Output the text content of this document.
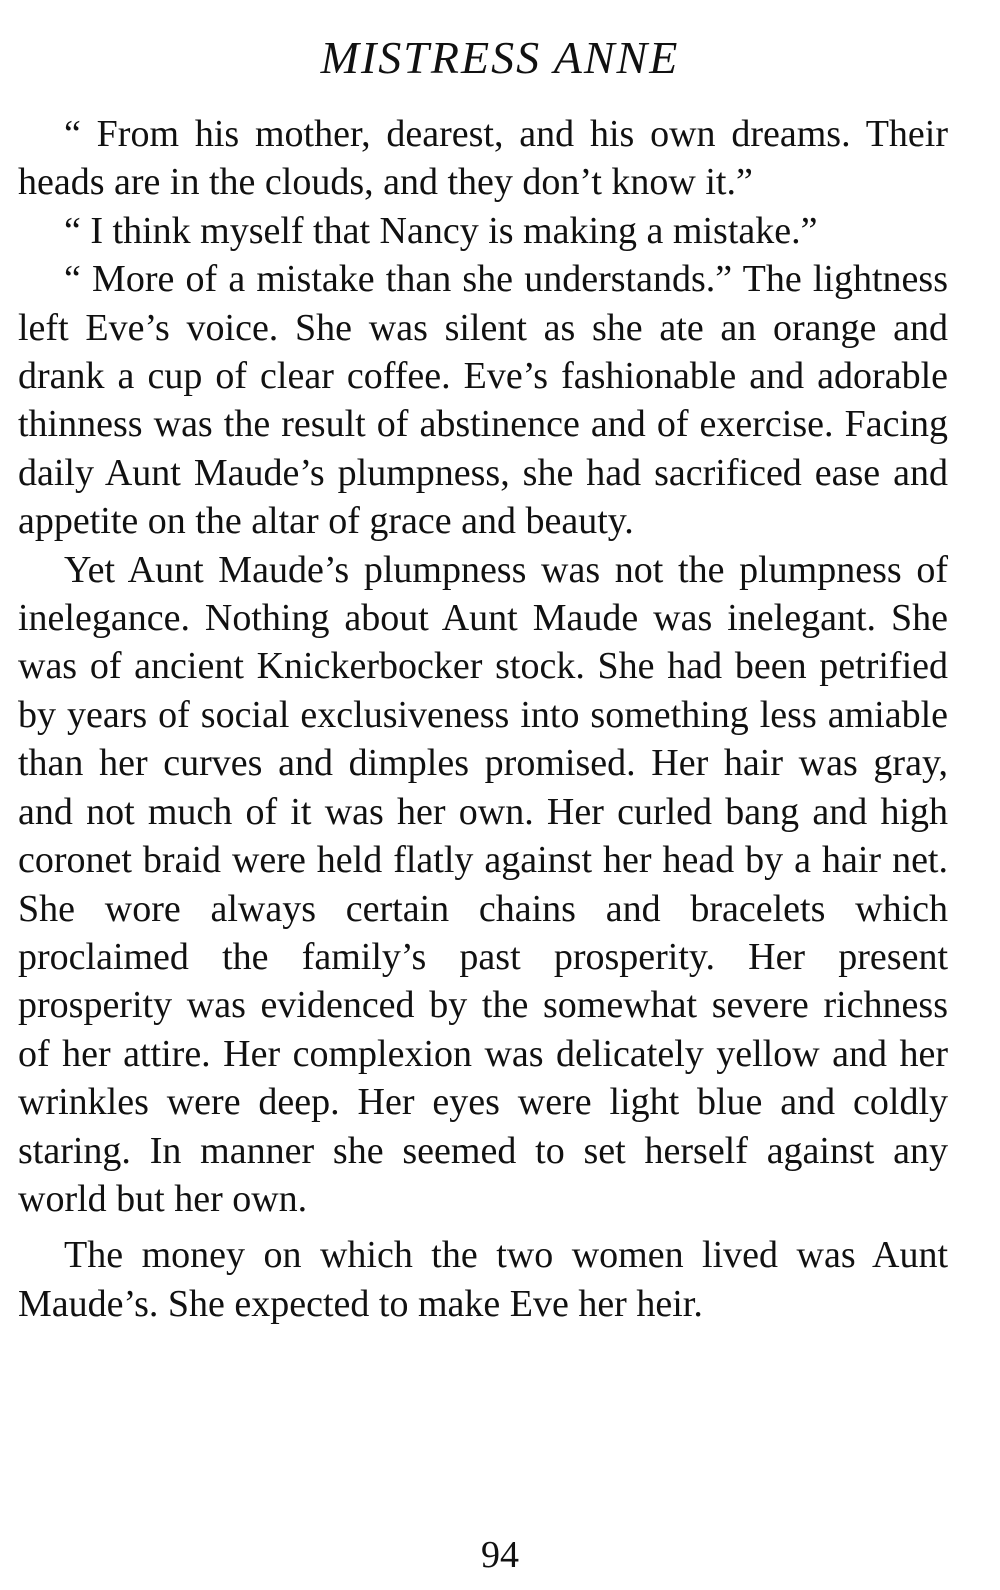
MISTRESS ANNE

“ From his mother, dearest, and his own dreams. Their heads are in the clouds, and they don’t know it.”

“ I think myself that Nancy is making a mistake.”

“ More of a mistake than she understands.” The lightness left Eve’s voice. She was silent as she ate an orange and drank a cup of clear coffee. Eve’s fashionable and adorable thinness was the result of abstinence and of exercise. Facing daily Aunt Maude’s plumpness, she had sacrificed ease and appetite on the altar of grace and beauty.

Yet Aunt Maude’s plumpness was not the plumpness of inelegance. Nothing about Aunt Maude was inelegant. She was of ancient Knickerbocker stock. She had been petrified by years of social exclusiveness into something less amiable than her curves and dimples promised. Her hair was gray, and not much of it was her own. Her curled bang and high coronet braid were held flatly against her head by a hair net. She wore always certain chains and bracelets which proclaimed the family’s past prosperity. Her present prosperity was evidenced by the somewhat severe richness of her attire. Her complexion was delicately yellow and her wrinkles were deep. Her eyes were light blue and coldly staring. In manner she seemed to set herself against any world but her own.

The money on which the two women lived was Aunt Maude’s. She expected to make Eve her heir.

94
